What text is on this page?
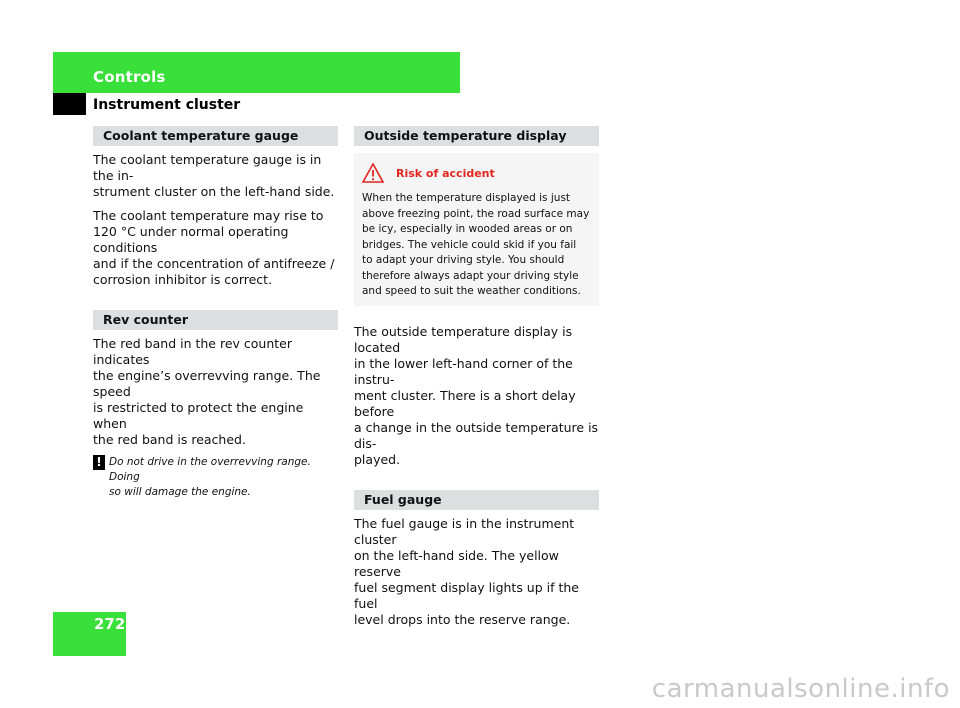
Controls
Instrument cluster
Coolant temperature gauge

The coolant temperature gauge is in the in-
strument cluster on the left-hand side.

The coolant temperature may rise to
120 °C under normal operating conditions
and if the concentration of antifreeze /
corrosion inhibitor is correct.

Rev counter

The red band in the rev counter indicates
the engine’s overrevving range. The speed
is restricted to protect the engine when
the red band is reached.

! Do not drive in the overrevving range. Doing
so will damage the engine.
Outside temperature display
Risk of accident
When the temperature displayed is just
above freezing point, the road surface may
be icy, especially in wooded areas or on
bridges. The vehicle could skid if you fail
to adapt your driving style. You should
therefore always adapt your driving style
and speed to suit the weather conditions.

The outside temperature display is located
in the lower left-hand corner of the instru-
ment cluster. There is a short delay before
a change in the outside temperature is dis-
played.

Fuel gauge

The fuel gauge is in the instrument cluster
on the left-hand side. The yellow reserve
fuel segment display lights up if the fuel
level drops into the reserve range.

272
carmanualsonline.info
